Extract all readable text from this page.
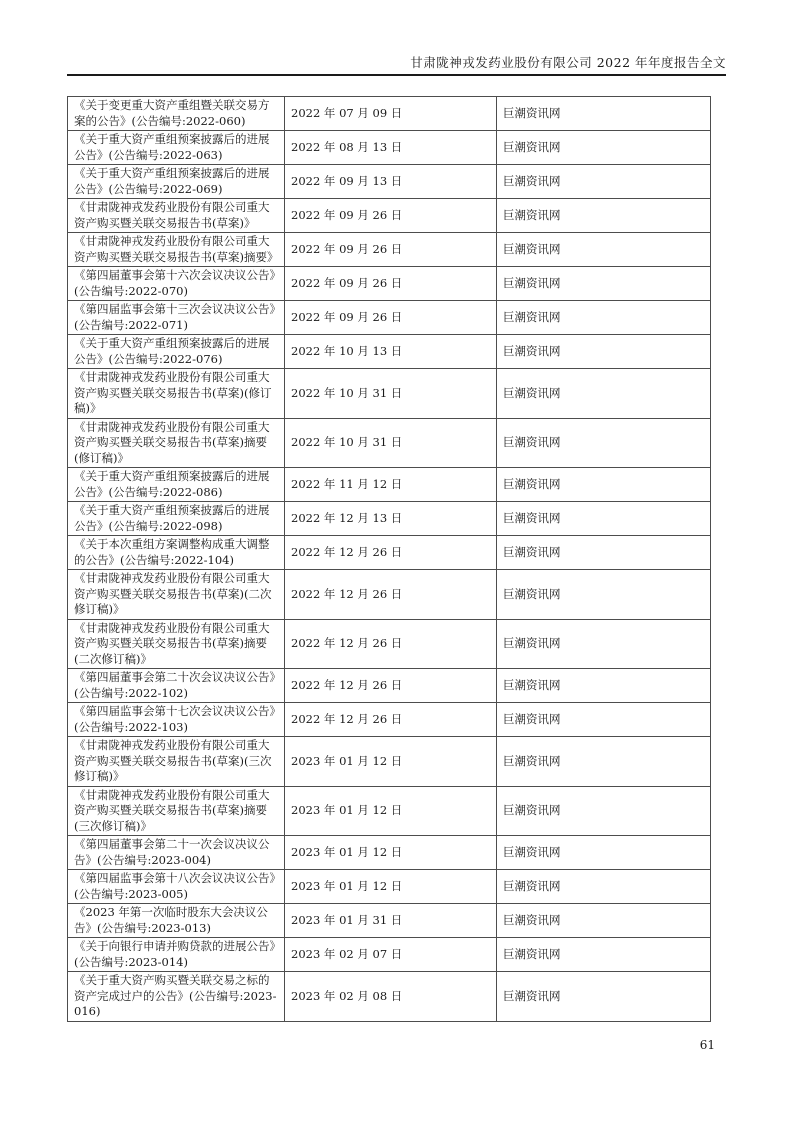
甘肃陇神戎发药业股份有限公司 2022 年年度报告全文
《关于变更重大资产重组暨关联交易方案的公告》(公告编号:2022-060)	2022 年 07 月 09 日	巨潮资讯网
《关于重大资产重组预案披露后的进展公告》(公告编号:2022-063)	2022 年 08 月 13 日	巨潮资讯网
《关于重大资产重组预案披露后的进展公告》(公告编号:2022-069)	2022 年 09 月 13 日	巨潮资讯网
《甘肃陇神戎发药业股份有限公司重大资产购买暨关联交易报告书(草案)》	2022 年 09 月 26 日	巨潮资讯网
《甘肃陇神戎发药业股份有限公司重大资产购买暨关联交易报告书(草案)摘要》	2022 年 09 月 26 日	巨潮资讯网
《第四届董事会第十六次会议决议公告》(公告编号:2022-070)	2022 年 09 月 26 日	巨潮资讯网
《第四届监事会第十三次会议决议公告》(公告编号:2022-071)	2022 年 09 月 26 日	巨潮资讯网
《关于重大资产重组预案披露后的进展公告》(公告编号:2022-076)	2022 年 10 月 13 日	巨潮资讯网
《甘肃陇神戎发药业股份有限公司重大资产购买暨关联交易报告书(草案)(修订稿)》	2022 年 10 月 31 日	巨潮资讯网
《甘肃陇神戎发药业股份有限公司重大资产购买暨关联交易报告书(草案)摘要(修订稿)》	2022 年 10 月 31 日	巨潮资讯网
《关于重大资产重组预案披露后的进展公告》(公告编号:2022-086)	2022 年 11 月 12 日	巨潮资讯网
《关于重大资产重组预案披露后的进展公告》(公告编号:2022-098)	2022 年 12 月 13 日	巨潮资讯网
《关于本次重组方案调整构成重大调整的公告》(公告编号:2022-104)	2022 年 12 月 26 日	巨潮资讯网
《甘肃陇神戎发药业股份有限公司重大资产购买暨关联交易报告书(草案)(二次修订稿)》	2022 年 12 月 26 日	巨潮资讯网
《甘肃陇神戎发药业股份有限公司重大资产购买暨关联交易报告书(草案)摘要(二次修订稿)》	2022 年 12 月 26 日	巨潮资讯网
《第四届董事会第二十次会议决议公告》(公告编号:2022-102)	2022 年 12 月 26 日	巨潮资讯网
《第四届监事会第十七次会议决议公告》(公告编号:2022-103)	2022 年 12 月 26 日	巨潮资讯网
《甘肃陇神戎发药业股份有限公司重大资产购买暨关联交易报告书(草案)(三次修订稿)》	2023 年 01 月 12 日	巨潮资讯网
《甘肃陇神戎发药业股份有限公司重大资产购买暨关联交易报告书(草案)摘要(三次修订稿)》	2023 年 01 月 12 日	巨潮资讯网
《第四届董事会第二十一次会议决议公告》(公告编号:2023-004)	2023 年 01 月 12 日	巨潮资讯网
《第四届监事会第十八次会议决议公告》(公告编号:2023-005)	2023 年 01 月 12 日	巨潮资讯网
《2023 年第一次临时股东大会决议公告》(公告编号:2023-013)	2023 年 01 月 31 日	巨潮资讯网
《关于向银行申请并购贷款的进展公告》(公告编号:2023-014)	2023 年 02 月 07 日	巨潮资讯网
《关于重大资产购买暨关联交易之标的资产完成过户的公告》(公告编号:2023-016)	2023 年 02 月 08 日	巨潮资讯网
61
